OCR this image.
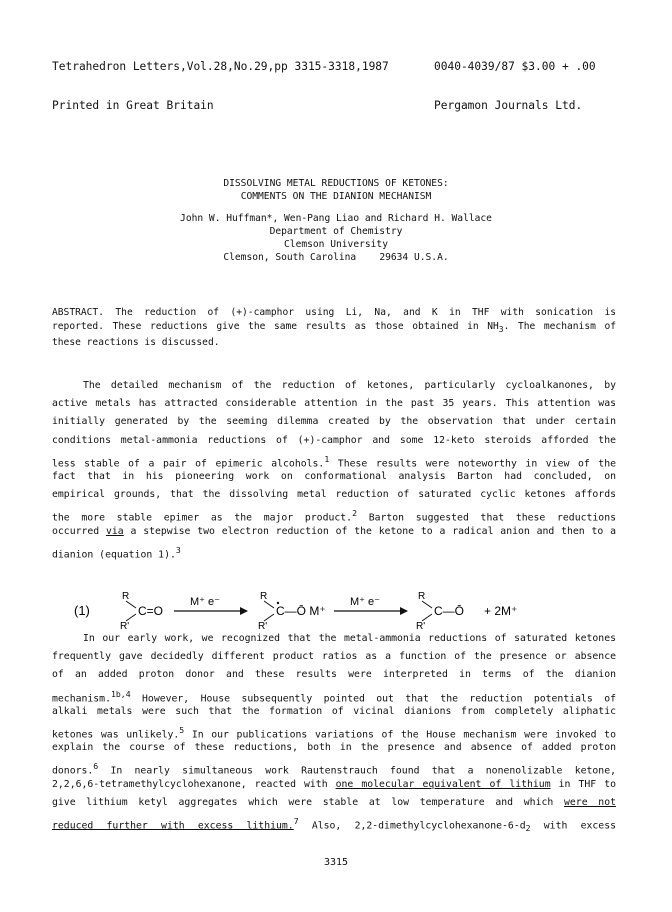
Tetrahedron Letters,Vol.28,No.29,pp 3315-3318,1987

Printed in Great Britain

0040-4039/87 $3.00 + .00

Pergamon Journals Ltd.

DISSOLVING METAL REDUCTIONS OF KETONES:
COMMENTS ON THE DIANION MECHANISM
John W. Huffman*, Wen-Pang Liao and Richard H. Wallace
Department of Chemistry
Clemson University
Clemson, South Carolina 29634 U.S.A.
ABSTRACT. The reduction of (+)-camphor using Li, Na, and K in THF with sonication is
reported. These reductions give the same results as those obtained in $NH_3$. The mechanism of
these reactions is discussed.
The detailed mechanism of the reduction of ketones, particularly cycloalkanones, by
active metals has attracted considerable attention in the past 35 years. This attention was
initially generated by the seeming dilemma created by the observation that under certain
conditions metal-ammonia reductions of (+)-camphor and some 12-keto steroids afforded the
less stable of a pair of epimeric alcohols.$^1$ These results were noteworthy in view of the
fact that in his pioneering work on conformational analysis Barton had concluded, on
empirical grounds, that the dissolving metal reduction of saturated cyclic ketones affords
the more stable epimer as the major product.$^2$ Barton suggested that these reductions
occurred via a stepwise two electron reduction of the ketone to a radical anion and then to a
dianion (equation 1).$^3$
(1)
R
R'
C=O
M⁺ e⁻	R
R'
C—Ō M⁺
M⁺ e⁻	R
R'
C—Ō + 2M⁺
In our early work, we recognized that the metal-ammonia reductions of saturated ketones
frequently gave decidedly different product ratios as a function of the presence or absence
of an added proton donor and these results were interpreted in terms of the dianion
mechanism.$^{1b,4}$ However, House subsequently pointed out that the reduction potentials of
alkali metals were such that the formation of vicinal dianions from completely aliphatic
ketones was unlikely.$^5$ In our publications variations of the House mechanism were invoked to
explain the course of these reductions, both in the presence and absence of added proton
donors.$^6$ In nearly simultaneous work Rautenstrauch found that a nonenolizable ketone,
2,2,6,6-tetramethylcyclohexanone, reacted with one molecular equivalent of lithium in THF to
give lithium ketyl aggregates which were stable at low temperature and which were not
reduced further with excess lithium.$^7$ Also, $2,2-dimethylcyclohexanone-6-d_2$ with excess
3315
